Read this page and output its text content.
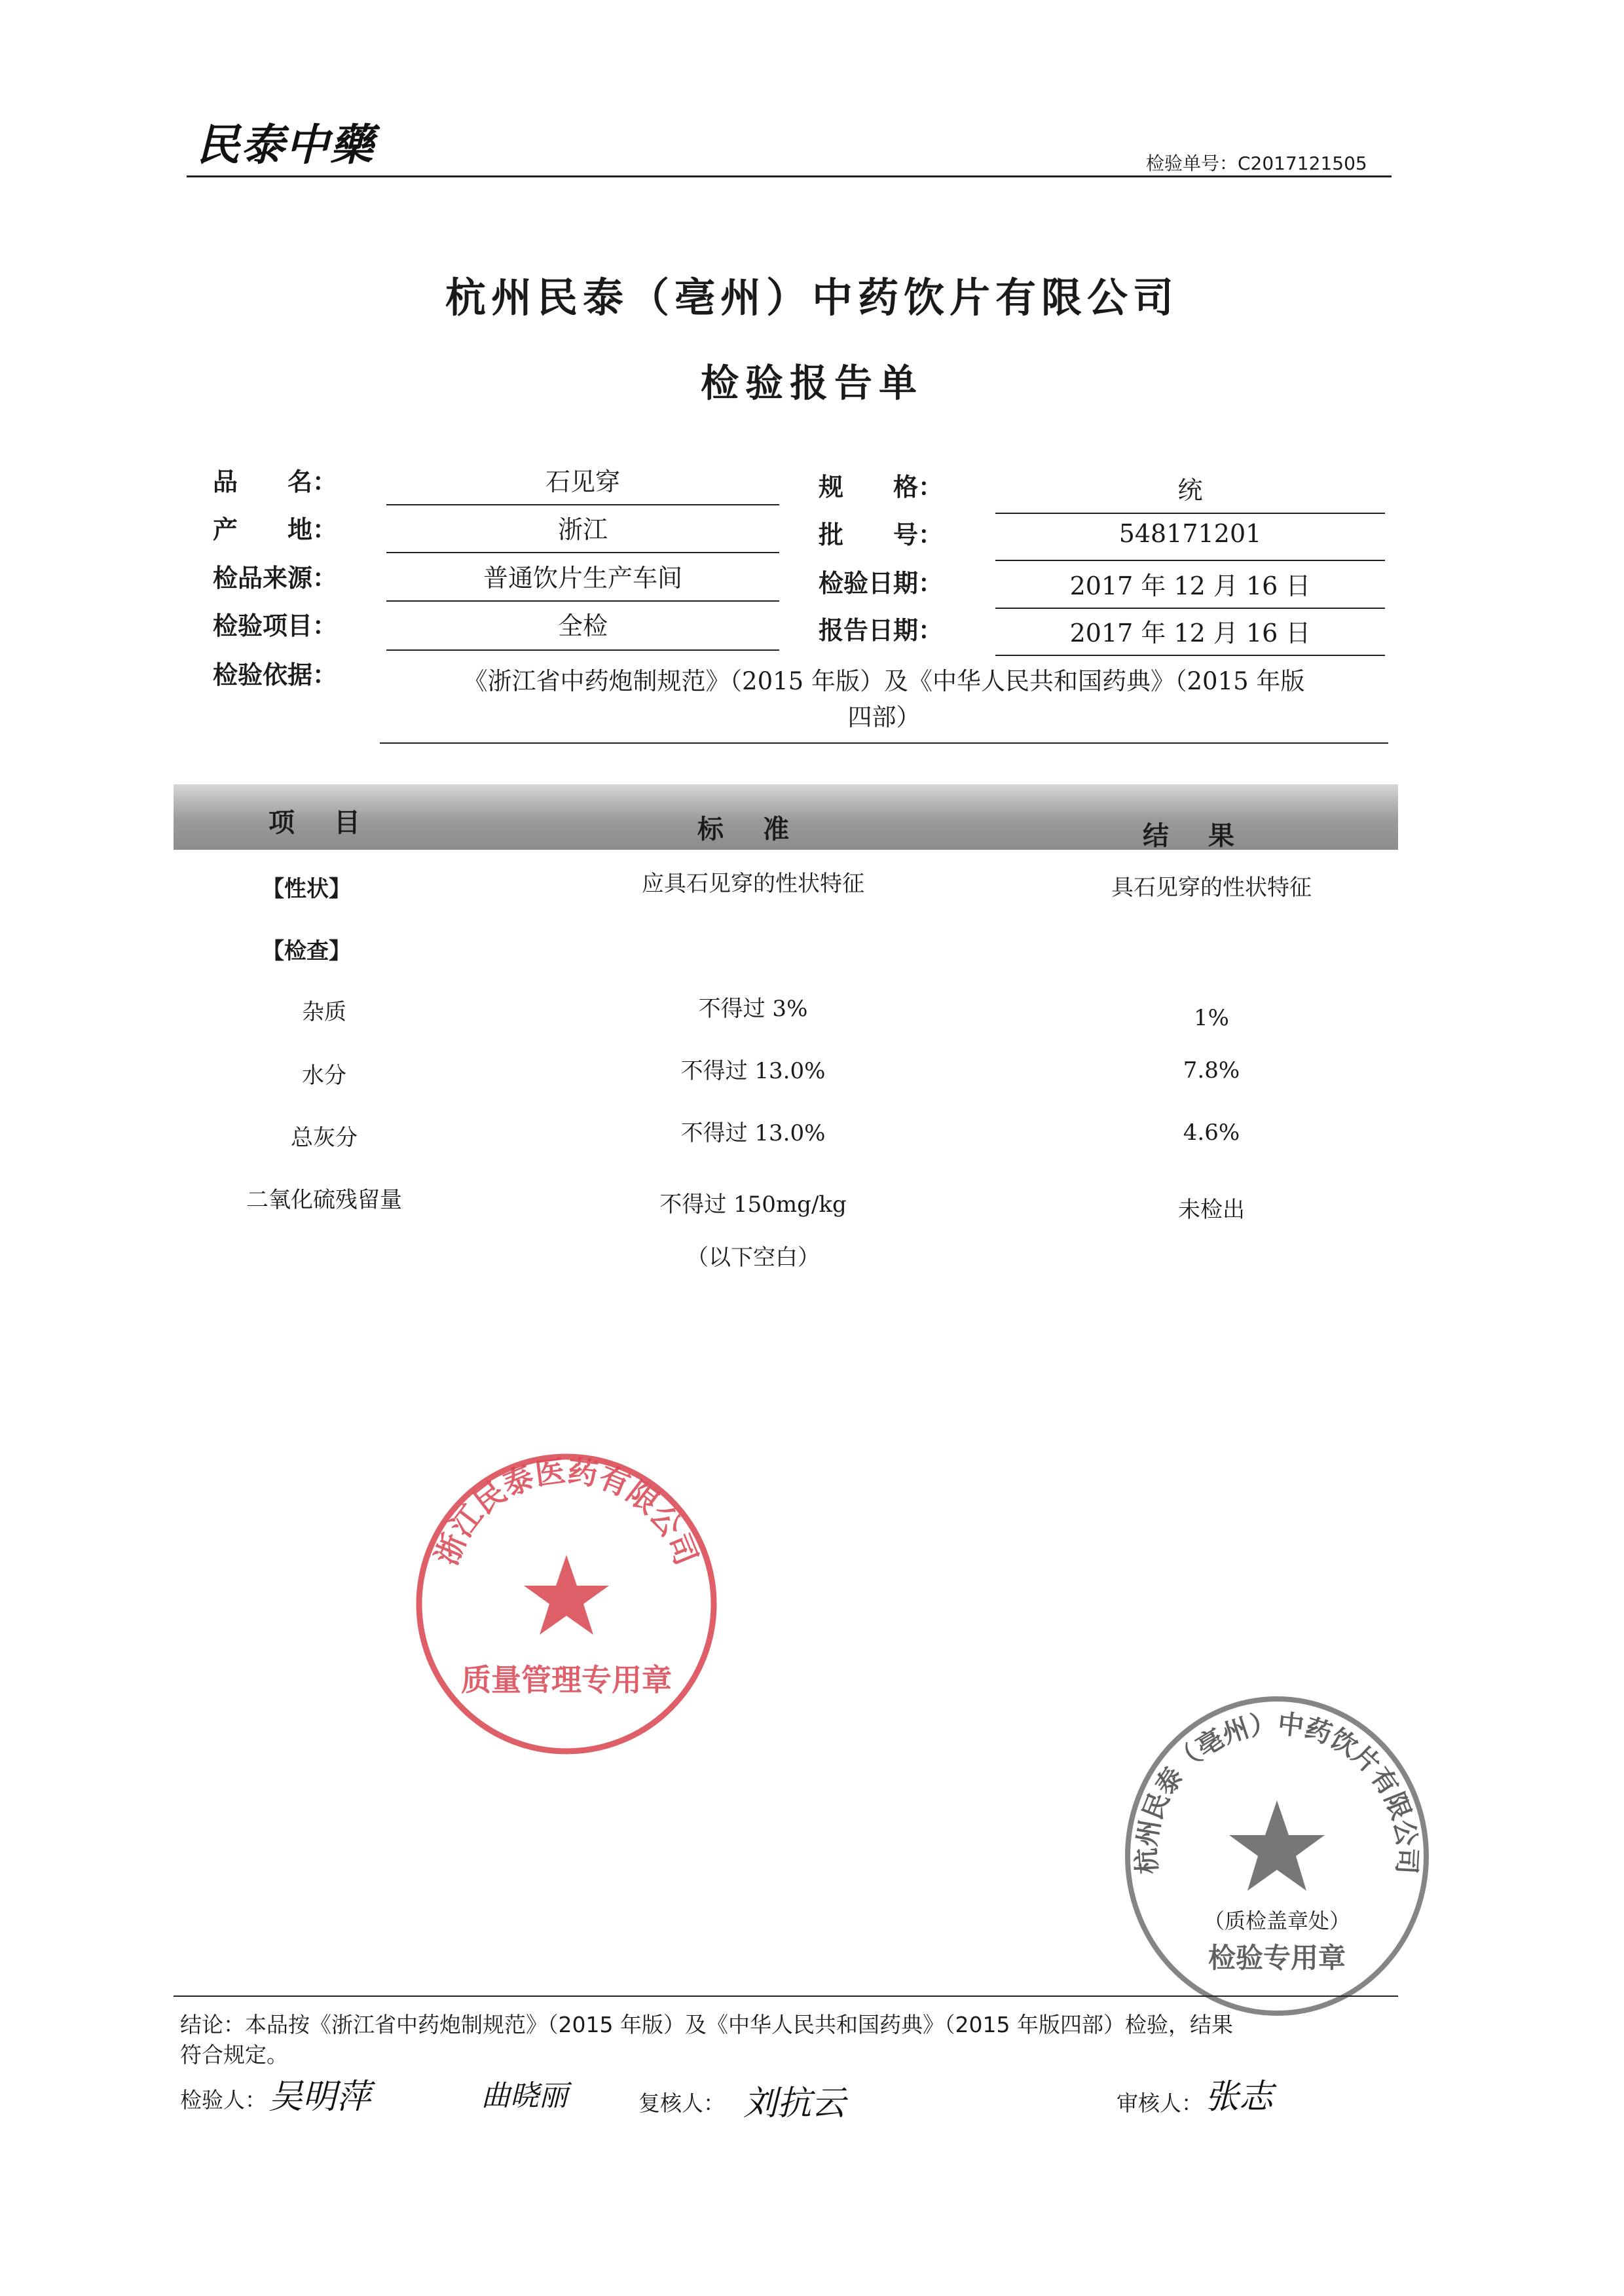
民泰中藥	检验单号：C2017121505
杭州民泰（亳州）中药饮片有限公司
检验报告单
品　　名：	石见穿
产　　地：	浙江
检品来源：	普通饮片生产车间
检验项目：	全检
规　　格：	统
批　　号：	548171201
检验日期：	2017 年 12 月 16 日
报告日期：	2017 年 12 月 16 日
检验依据：	《浙江省中药炮制规范》（2015 年版）及《中华人民共和国药典》（2015 年版
四部）
项目	标准	结果
【性状】	应具石见穿的性状特征	具石见穿的性状特征
【检查】
杂质	不得过 3%	1%
水分	不得过 13.0%	7.8%
总灰分	不得过 13.0%	4.6%
二氧化硫残留量	不得过 150mg/kg	未检出
（以下空白）
浙江民泰医药有限公司
质量管理专用章
杭州民泰（亳州）中药饮片有限公司
（质检盖章处）
检验专用章
结论：本品按《浙江省中药炮制规范》（2015 年版）及《中华人民共和国药典》（2015 年版四部）检验，结果
符合规定。
检验人： 吴明萍	曲晓丽	复核人： 刘抗云	审核人： 张志
